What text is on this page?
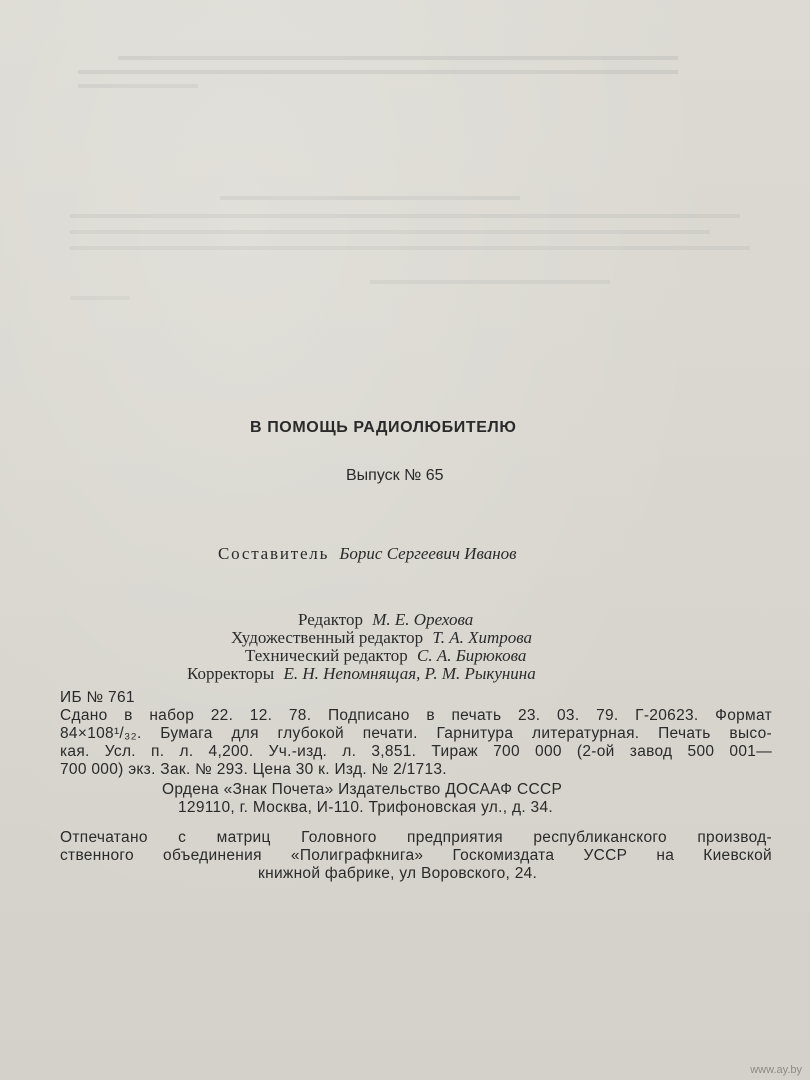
В ПОМОЩЬ РАДИОЛЮБИТЕЛЮ
Выпуск № 65
Составитель Борис Сергеевич Иванов
Редактор М. Е. Орехова
Художественный редактор Т. А. Хитрова
Технический редактор С. А. Бирюкова
Корректоры Е. Н. Непомнящая, Р. М. Рыкунина
ИБ № 761
Сдано в набор 22. 12. 78. Подписано в печать 23. 03. 79. Г-20623. Формат
84×108¹/₃₂. Бумага для глубокой печати. Гарнитура литературная. Печать высо-
кая. Усл. п. л. 4,200. Уч.-изд. л. 3,851. Тираж 700 000 (2-ой завод 500 001—
700 000) экз. Зак. № 293. Цена 30 к. Изд. № 2/1713.
Ордена «Знак Почета» Издательство ДОСААФ СССР
129110, г. Москва, И-110. Трифоновская ул., д. 34.
Отпечатано с матриц Головного предприятия республиканского производ-
ственного объединения «Полиграфкнига» Госкомиздата УССР на Киевской
книжной фабрике, ул Воровского, 24.
www.ay.by
